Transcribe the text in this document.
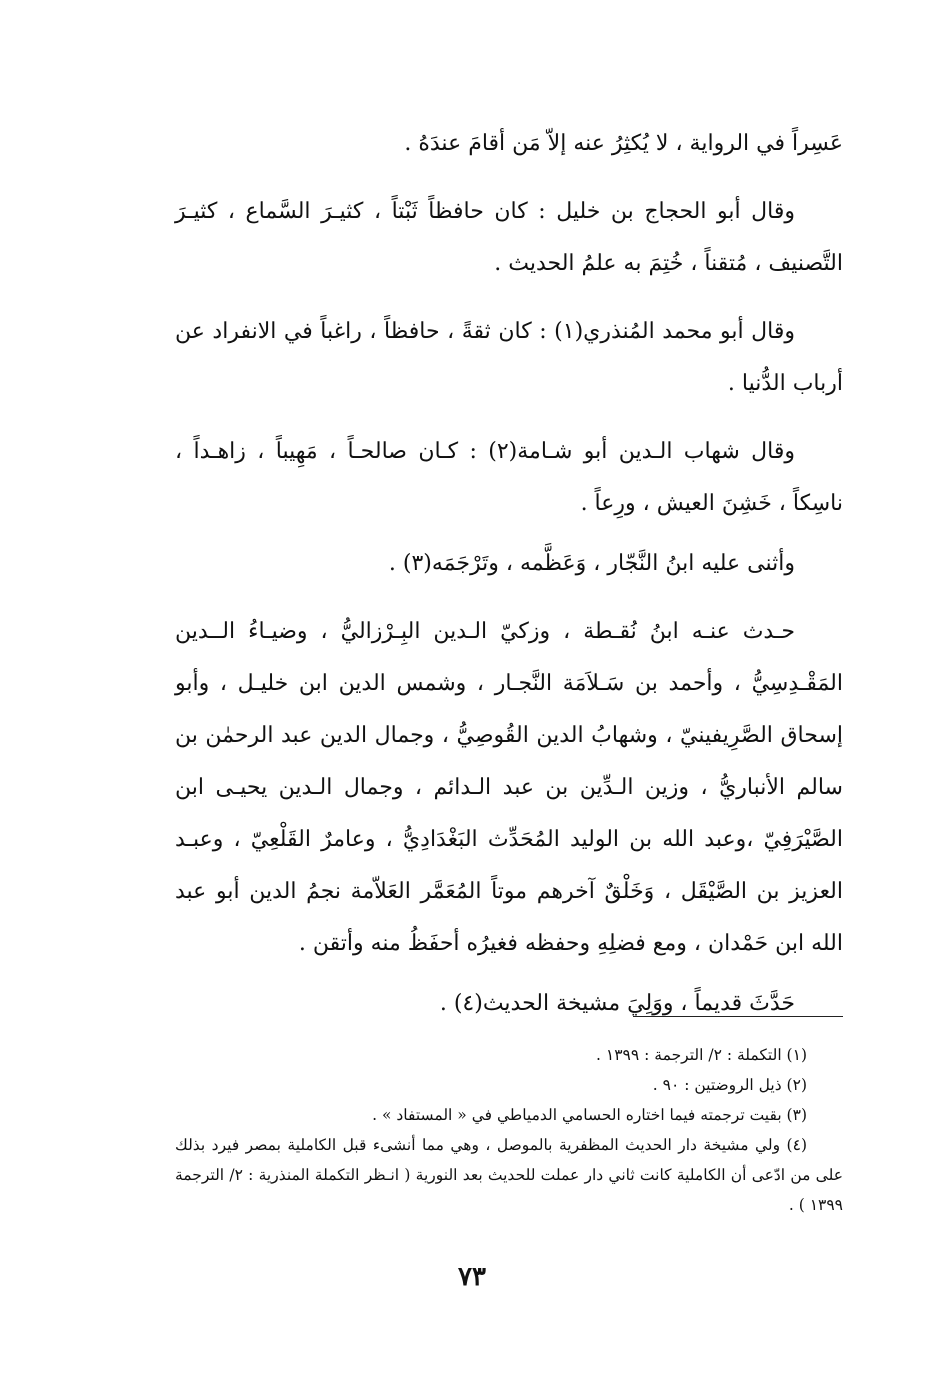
عَسِراً في الرواية ، لا يُكثِرُ عنه إلاّ مَن أقامَ عندَهُ .

وقال أبو الحجاج بن خليل : كان حافظاً ثَبْتاً ، كثيـرَ السَّماع ، كثيـرَ التَّصنيف ، مُتقناً ، خُتِمَ به علمُ الحديث .

وقال أبو محمد المُنذري(١) : كان ثقةً ، حافظاً ، راغباً في الانفراد عن أرباب الدُّنيا .

وقال شهاب الـدين أبو شـامة(٢) : كـان صالحـاً ، مَهِيباً ، زاهـداً ، ناسِكاً ، خَشِنَ العيش ، ورِعاً .

وأثنى عليه ابنُ النَّجّار ، وَعَظَّمه ، وتَرْجَمَه(٣) .

حـدث عنـه ابنُ نُقـطة ، وزكيّ الـدين البِـرْزاليُّ ، وضيـاءُ الــدين المَقْـدِسِيُّ ، وأحمد بن سَـلاَمَة النَّجـار ، وشمس الدين ابن خليـل ، وأبو إسحاق الصَّرِيفينيّ ، وشهابُ الدين القُوصِيُّ ، وجمال الدين عبد الرحمٰن بن سالم الأنباريُّ ، وزين الـدِّين بن عبد الـدائم ، وجمال الـدين يحيـى ابن الصَّيْرَفِيّ ،وعبد الله بن الوليد المُحَدِّث البَغْدَادِيُّ ، وعامرٌ القَلْعِيّ ، وعبـد العزيز بن الصَّيْقَل ، وَخَلْقٌ آخرهم موتاً المُعَمَّر العَلاّمة نجمُ الدين أبو عبد الله ابن حَمْدان ، ومع فضلِهِ وحفظه فغيرُه أحفَظُ منه وأتقن .

حَدَّثَ قديماً ، ووَلِيَ مشيخة الحديث(٤) .

(١) التكملة : ٢/ الترجمة : ١٣٩٩ .

(٢) ذيل الروضتين : ٩٠ .

(٣) بقيت ترجمته فيما اختاره الحسامي الدمياطي في « المستفاد » .

(٤) ولي مشيخة دار الحديث المظفرية بالموصل ، وهي مما أنشىء قبل الكاملية بمصر فيرد بذلك على من ادّعى أن الكاملية كانت ثاني دار عملت للحديث بعد النورية ( انـظر التكملة المنذرية : ٢/ الترجمة ١٣٩٩ ) .

٧٣
